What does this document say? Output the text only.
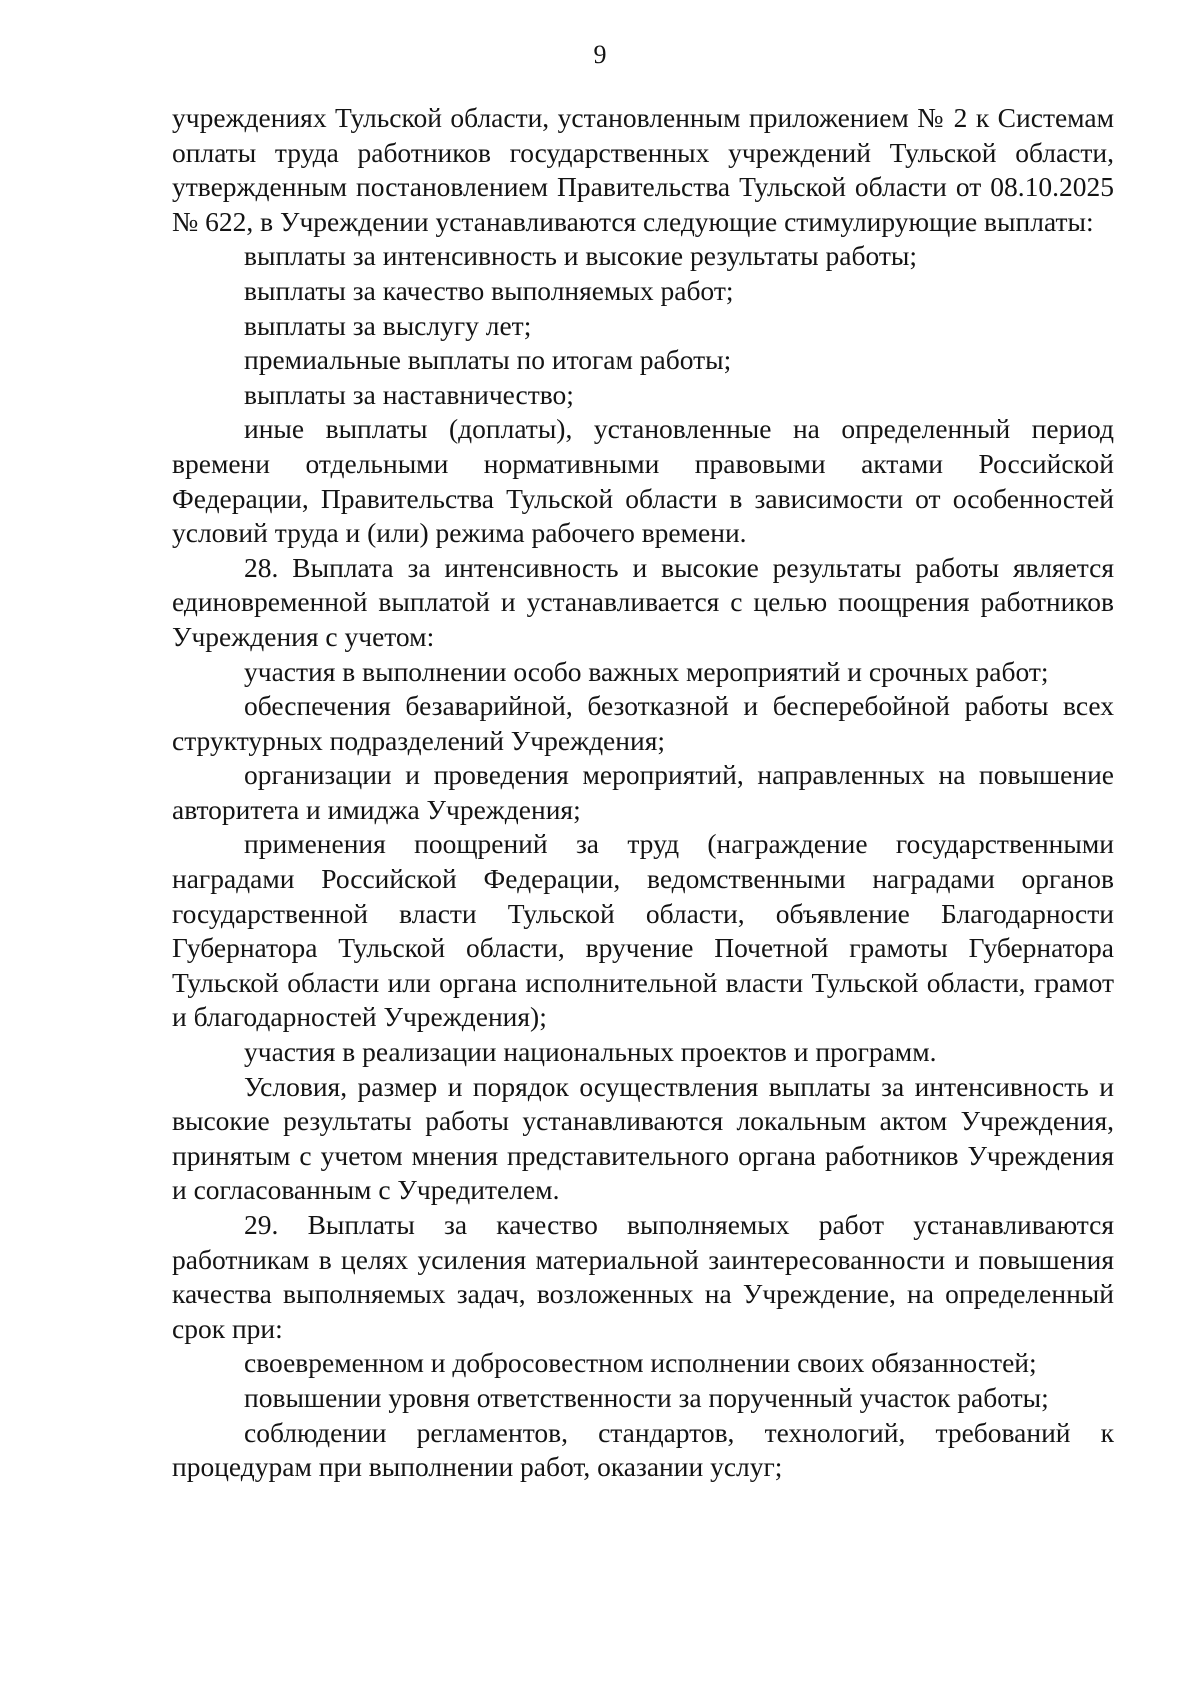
9

учреждениях Тульской области, установленным приложением № 2 к Системам оплаты труда работников государственных учреждений Тульской области, утвержденным постановлением Правительства Тульской области от 08.10.2025 № 622, в Учреждении устанавливаются следующие стимулирующие выплаты:

выплаты за интенсивность и высокие результаты работы;

выплаты за качество выполняемых работ;

выплаты за выслугу лет;

премиальные выплаты по итогам работы;

выплаты за наставничество;

иные выплаты (доплаты), установленные на определенный период времени отдельными нормативными правовыми актами Российской Федерации, Правительства Тульской области в зависимости от особенностей условий труда и (или) режима рабочего времени.

28. Выплата за интенсивность и высокие результаты работы является единовременной выплатой и устанавливается с целью поощрения работников Учреждения с учетом:

участия в выполнении особо важных мероприятий и срочных работ;

обеспечения безаварийной, безотказной и бесперебойной работы всех структурных подразделений Учреждения;

организации и проведения мероприятий, направленных на повышение авторитета и имиджа Учреждения;

применения поощрений за труд (награждение государственными наградами Российской Федерации, ведомственными наградами органов государственной власти Тульской области, объявление Благодарности Губернатора Тульской области, вручение Почетной грамоты Губернатора Тульской области или органа исполнительной власти Тульской области, грамот и благодарностей Учреждения);

участия в реализации национальных проектов и программ.

Условия, размер и порядок осуществления выплаты за интенсивность и высокие результаты работы устанавливаются локальным актом Учреждения, принятым с учетом мнения представительного органа работников Учреждения и согласованным с Учредителем.

29. Выплаты за качество выполняемых работ устанавливаются работникам в целях усиления материальной заинтересованности и повышения качества выполняемых задач, возложенных на Учреждение, на определенный срок при:

своевременном и добросовестном исполнении своих обязанностей;

повышении уровня ответственности за порученный участок работы;

соблюдении регламентов, стандартов, технологий, требований к процедурам при выполнении работ, оказании услуг;
